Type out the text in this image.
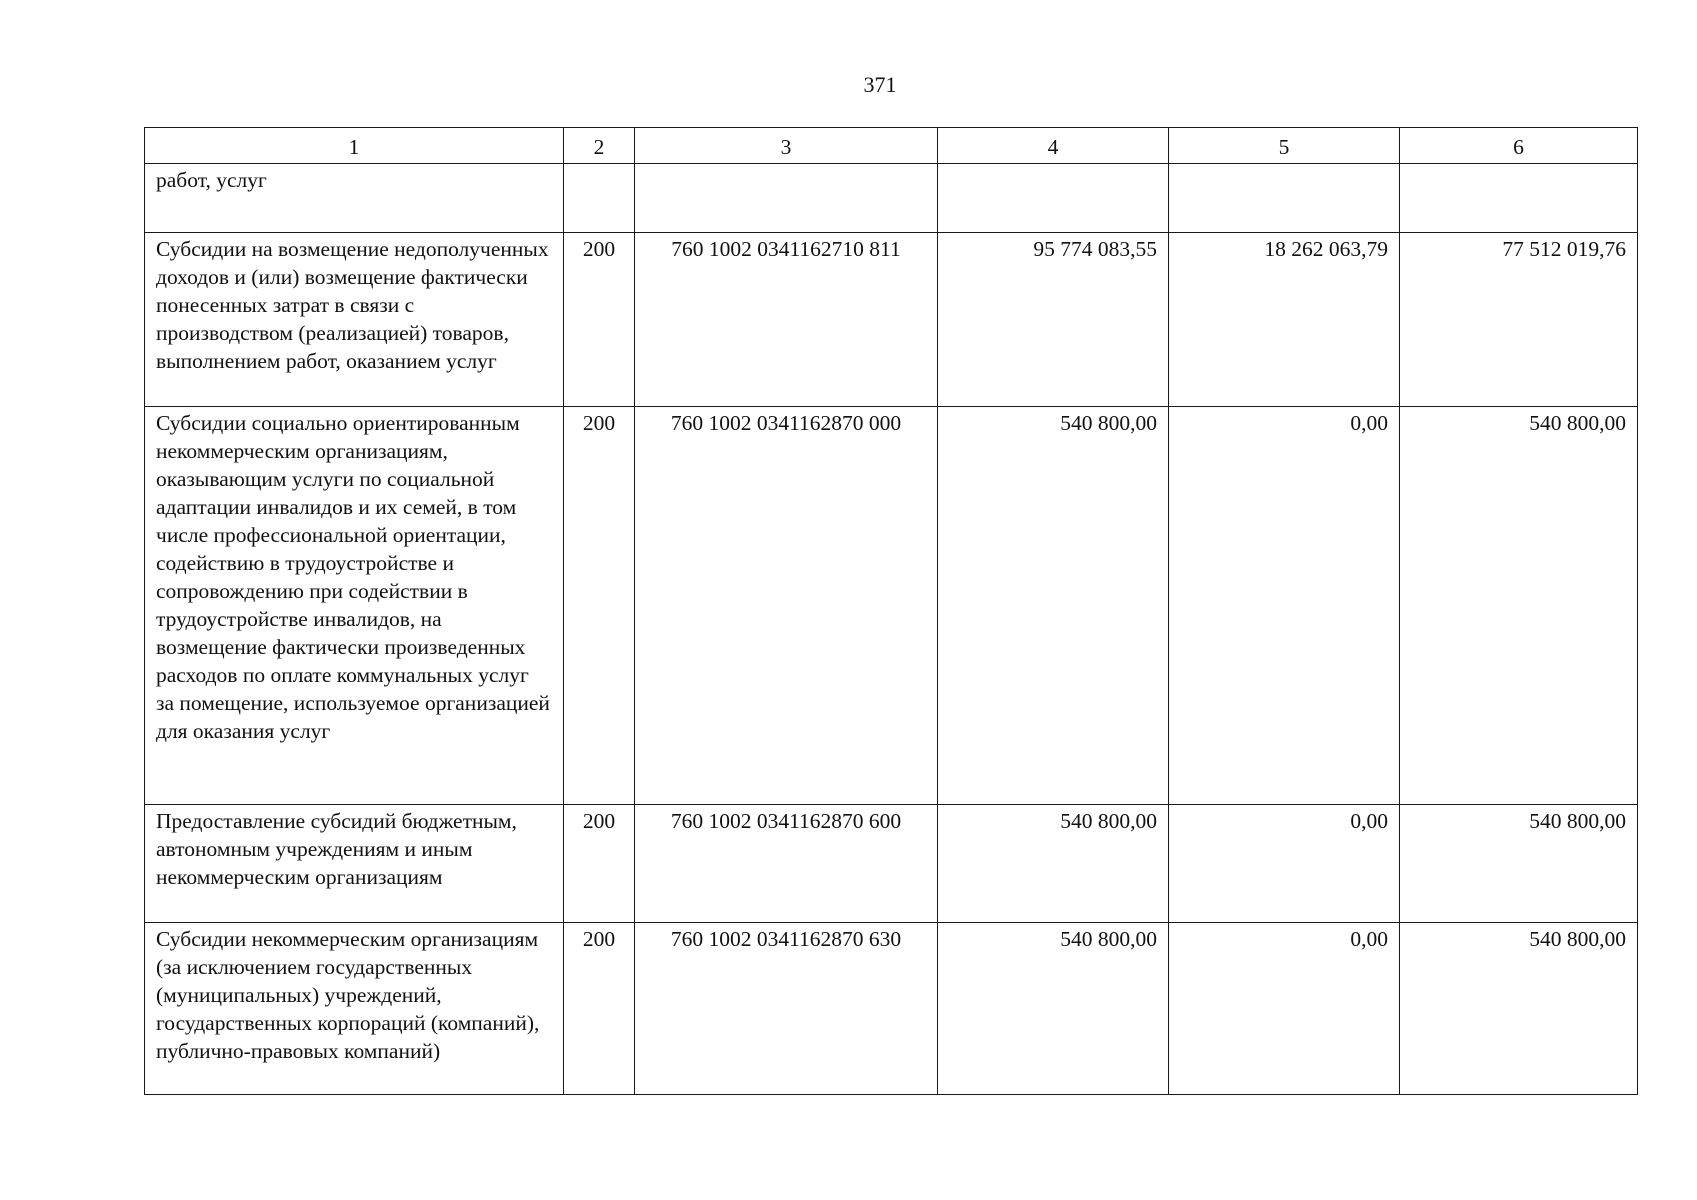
371
1	2	3	4	5	6
работ, услуг					
Субсидии на возмещение недополученных доходов и (или) возмещение фактически понесенных затрат в связи с производством (реализацией) товаров, выполнением работ, оказанием услуг	200	760 1002 0341162710 811	95 774 083,55	18 262 063,79	77 512 019,76
Субсидии социально ориентированным некоммерческим организациям, оказывающим услуги по социальной адаптации инвалидов и их семей, в том числе профессиональной ориентации, содействию в трудоустройстве и сопровождению при содействии в трудоустройстве инвалидов, на возмещение фактически произведенных расходов по оплате коммунальных услуг за помещение, используемое организацией для оказания услуг	200	760 1002 0341162870 000	540 800,00	0,00	540 800,00
Предоставление субсидий бюджетным, автономным учреждениям и иным некоммерческим организациям	200	760 1002 0341162870 600	540 800,00	0,00	540 800,00
Субсидии некоммерческим организациям (за исключением государственных (муниципальных) учреждений, государственных корпораций (компаний), публично-правовых компаний)	200	760 1002 0341162870 630	540 800,00	0,00	540 800,00
